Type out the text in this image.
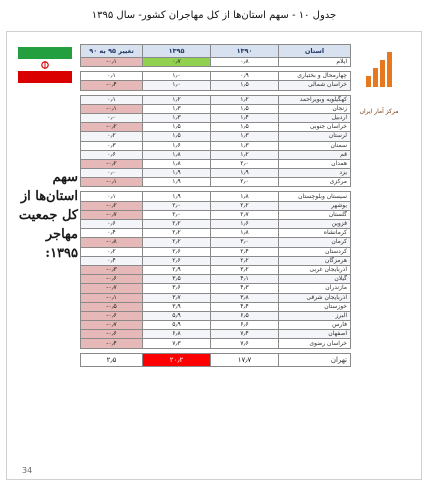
جدول ۱۰ - سهم استان‌ها از کل مهاجران کشور- سال ۱۳۹۵
سهم استان‌ها از کل جمعیت مهاجر ۱۳۹۵:
مرکز آمار ایران
تغییر ۹۵ به ۹۰	۱۳۹۵	۱۳۹۰	استان
-۰٫۱	۰٫۷	۰٫۸	ایلام

۰٫۱	۱٫۰	۰٫۹	چهارمحال و بختیاری
-۰٫۴	۱٫۰	۱٫۵	خراسان شمالی

۰٫۱	۱٫۲	۱٫۲	کهگیلویه وبویراحمد
-۰٫۱	۱٫۳	۱٫۵	زنجان
۰٫۰	۱٫۳	۱٫۴	اردبیل
-۰٫۲	۱٫۵	۱٫۵	خراسان جنوبی
۰٫۲	۱٫۵	۱٫۳	لرستان
۰٫۳	۱٫۶	۱٫۳	سمنان
۰٫۶	۱٫۸	۱٫۲	قم
-۰٫۲	۱٫۸	۲٫۰	همدان
۰٫۰	۱٫۹	۱٫۹	یزد
-۰٫۱	۱٫۹	۲٫۰	مرکزی

۰٫۱	۱٫۹	۱٫۸	سیستان وبلوچستان
-۰٫۲	۲٫۰	۲٫۲	بوشهر
-۰٫۷	۲٫۰	۲٫۷	گلستان
۰٫۶	۲٫۲	۱٫۶	قزوین
۰٫۴	۲٫۲	۱٫۸	کرمانشاه
-۰٫۸	۲٫۲	۳٫۰	کرمان
۰٫۲	۲٫۶	۲٫۴	کردستان
۰٫۴	۲٫۶	۲٫۲	هرمزگان
-۰٫۳	۲٫۹	۳٫۲	آذربایجان غربی
-۰٫۶	۳٫۵	۴٫۱	گیلان
-۰٫۷	۳٫۶	۴٫۳	مازندران
-۰٫۱	۳٫۷	۳٫۸	آذربایجان شرقی
-۰٫۵	۳٫۹	۴٫۴	خوزستان
-۰٫۶	۵٫۹	۶٫۵	البرز
-۰٫۷	۵٫۹	۶٫۶	فارس
-۰٫۶	۶٫۸	۷٫۴	اصفهان
-۰٫۴	۷٫۳	۷٫۶	خراسان رضوی

۲٫۵	۲۰٫۲	۱۷٫۷	تهران
34
